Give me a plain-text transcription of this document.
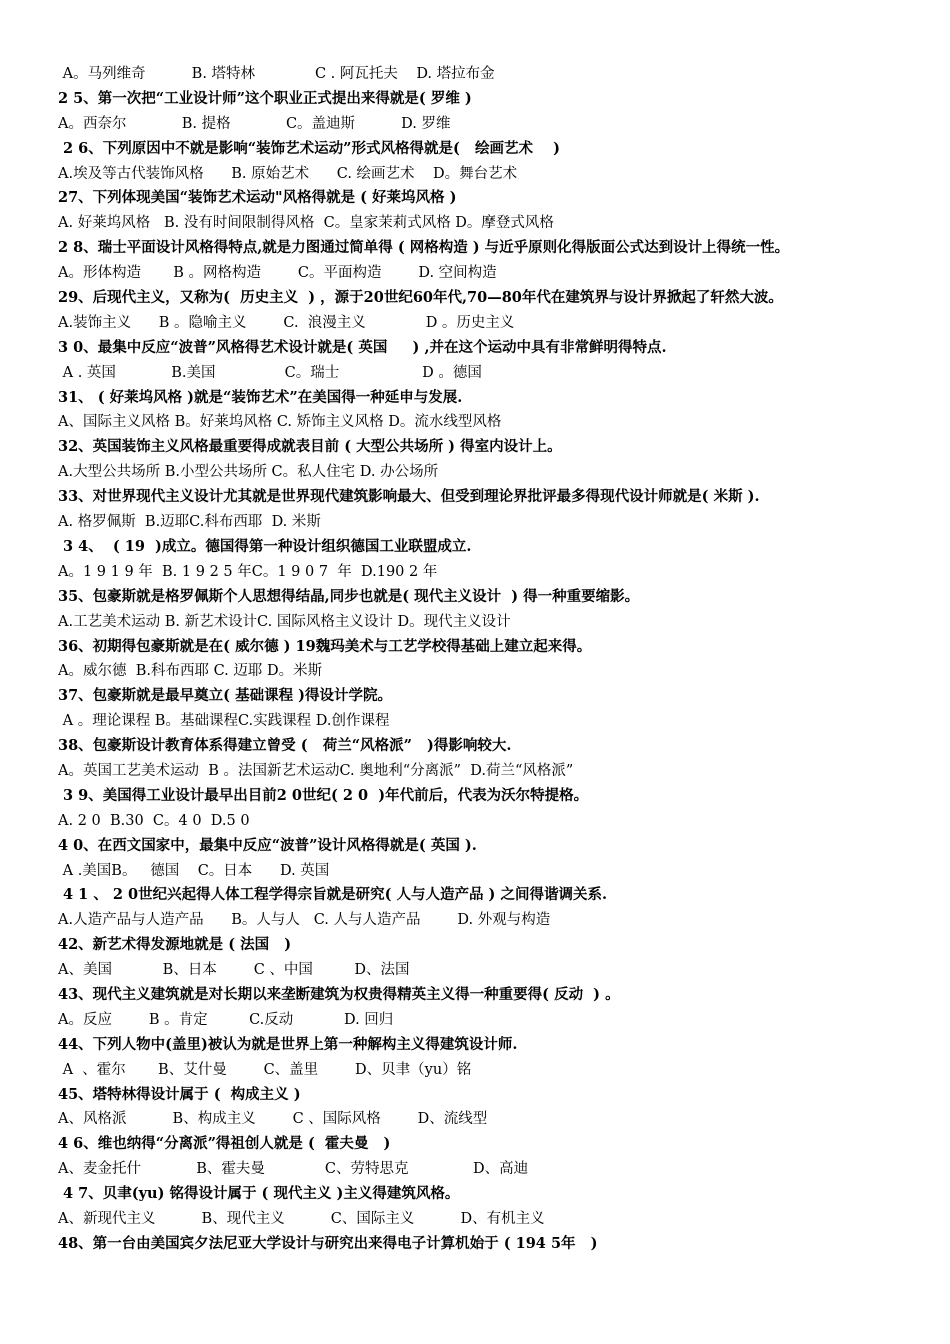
A。马列维奇          B. 塔特林             C . 阿瓦托夫    D. 塔拉布金
2 5、第一次把“工业设计师”这个职业正式提出来得就是( 罗维 )
A。西奈尔            B. 提格            C。盖迪斯          D. 罗维
2 6、下列原因中不就是影响“装饰艺术运动”形式风格得就是(   绘画艺术    )
A.埃及等古代装饰风格      B. 原始艺术      C. 绘画艺术    D。舞台艺术
27、下列体现美国“装饰艺术运动"风格得就是 ( 好莱坞风格 )
A. 好莱坞风格   B. 没有时间限制得风格  C。皇家茉莉式风格 D。摩登式风格
2 8、瑞士平面设计风格得特点,就是力图通过简单得 ( 网格构造 ) 与近乎原则化得版面公式达到设计上得统一性。
A。形体构造       B 。网格构造        C。平面构造        D. 空间构造
29、后现代主义，又称为(  历史主义  ) ，源于20世纪60年代,70—80年代在建筑界与设计界掀起了轩然大波。
A.装饰主义      B 。隐喻主义        C.  浪漫主义             D 。历史主义
3 0、最集中反应“波普”风格得艺术设计就是( 英国     ) ,并在这个运动中具有非常鲜明得特点.
A . 英国            B.美国               C。瑞士                  D 。德国
31、 ( 好莱坞风格 )就是“装饰艺术”在美国得一种延申与发展.
A、国际主义风格 B。好莱坞风格 C. 矫饰主义风格 D。流水线型风格
32、英国装饰主义风格最重要得成就表目前 ( 大型公共场所 ) 得室内设计上。
A.大型公共场所 B.小型公共场所 C。私人住宅 D. 办公场所
33、对世界现代主义设计尤其就是世界现代建筑影响最大、但受到理论界批评最多得现代设计师就是( 米斯 ).
A. 格罗佩斯  B.迈耶C.科布西耶  D. 米斯
3 4、  ( 19  )成立。德国得第一种设计组织德国工业联盟成立.
A。1 9 1 9 年  B. 1 9 2 5 年C。1 9 0 7  年  D.190 2 年
35、包豪斯就是格罗佩斯个人思想得结晶,同步也就是( 现代主义设计  ) 得一种重要缩影。
A.工艺美术运动 B. 新艺术设计C. 国际风格主义设计 D。现代主义设计
36、初期得包豪斯就是在( 威尔德 ) 19魏玛美术与工艺学校得基础上建立起来得。
A。威尔德  B.科布西耶 C. 迈耶 D。米斯
37、包豪斯就是最早奠立( 基础课程 )得设计学院。
A 。理论课程 B。基础课程C.实践课程 D.创作课程
38、包豪斯设计教育体系得建立曾受 (   荷兰“风格派”   )得影响较大.
A。英国工艺美术运动  B 。法国新艺术运动C. 奥地利“分离派”  D.荷兰“风格派”
3 9、美国得工业设计最早出目前2 0世纪( 2 0  )年代前后，代表为沃尔特提格。
A. 2 0  B.30  C。4 0  D.5 0
4 0、在西文国家中，最集中反应“波普”设计风格得就是( 英国 ).
A .美国B。   德国    C。日本      D. 英国
4 1 、 2 0世纪兴起得人体工程学得宗旨就是研究( 人与人造产品 ) 之间得谐调关系.
A.人造产品与人造产品      B。人与人   C. 人与人造产品        D. 外观与构造
42、新艺术得发源地就是 ( 法国   )
A、美国           B、日本        C 、中国         D、法国
43、现代主义建筑就是对长期以来垄断建筑为权贵得精英主义得一种重要得( 反动  ) 。
A。反应        B 。肯定         C.反动           D. 回归
44、下列人物中(盖里)被认为就是世界上第一种解构主义得建筑设计师.
A  、霍尔       B、艾什曼        C、盖里        D、贝聿（yu）铭
45、塔特林得设计属于 (  构成主义 )
A、风格派          B、构成主义        C 、国际风格        D、流线型
4 6、维也纳得“分离派”得祖创人就是 (  霍夫曼   )
A、麦金托什            B、霍夫曼             C、劳特思克              D、高迪
4 7、贝聿(yu) 铭得设计属于 ( 现代主义 )主义得建筑风格。
A、新现代主义          B、现代主义          C、国际主义          D、有机主义
48、第一台由美国宾夕法尼亚大学设计与研究出来得电子计算机始于 ( 194 5年   )
